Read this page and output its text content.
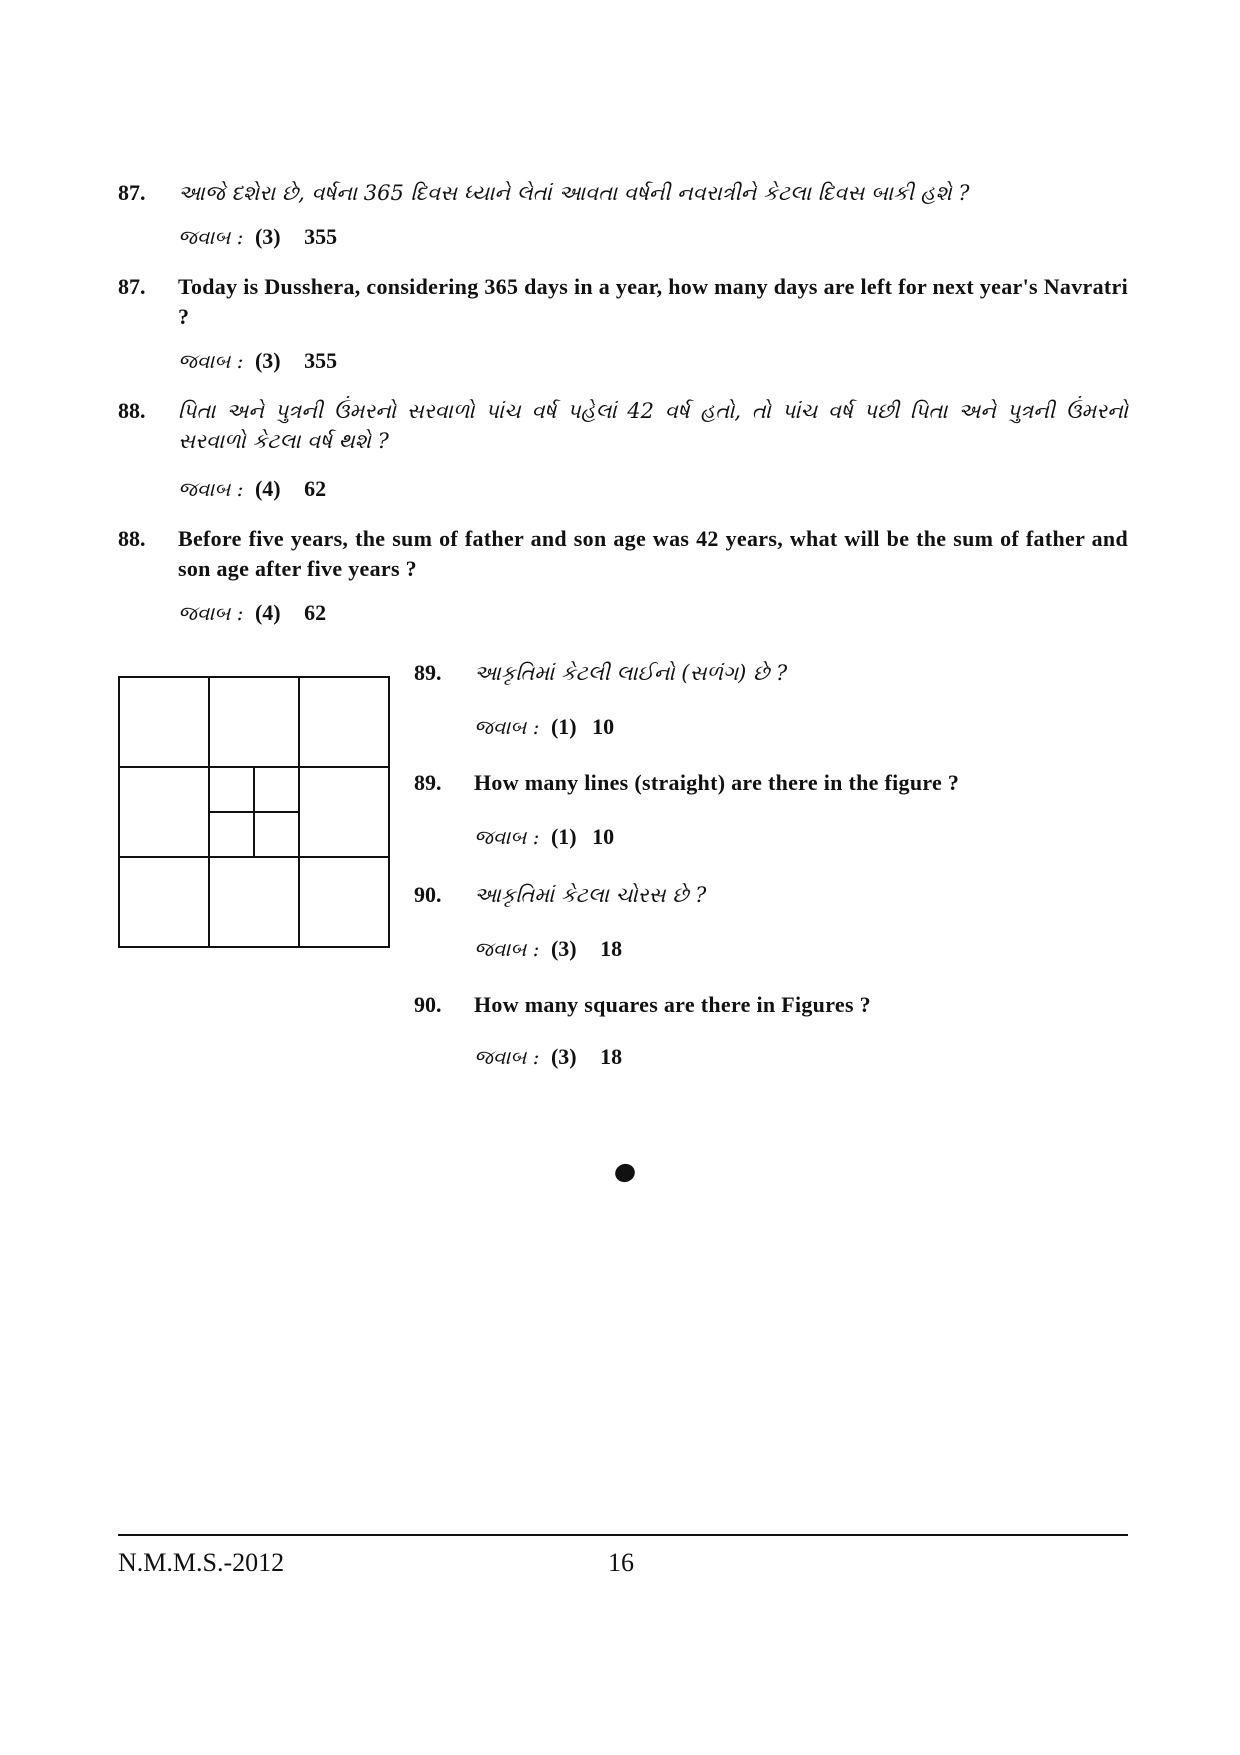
87.	આજે દશેરા છે, વર્ષના 365 દિવસ ધ્યાને લેતાં આવતા વર્ષની નવરાત્રીને કેટલા દિવસ બાકી હશે ?
જવાબ : (3) 355
87.	Today is Dusshera, considering 365 days in a year, how many days are left for next year's Navratri ?
જવાબ : (3) 355
88.	પિતા અને પુત્રની ઉંમરનો સરવાળો પાંચ વર્ષ પહેલાં 42 વર્ષ હતો, તો પાંચ વર્ષ પછી પિતા અને પુત્રની ઉંમરનો સરવાળો કેટલા વર્ષ થશે ?
જવાબ : (4) 62
88.	Before five years, the sum of father and son age was 42 years, what will be the sum of father and son age after five years ?
જવાબ : (4) 62
89.	આકૃતિમાં કેટલી લાઈનો (સળંગ) છે ?
જવાબ : (1) 10
89.	How many lines (straight) are there in the figure ?
જવાબ : (1) 10
90.	આકૃતિમાં કેટલા ચોરસ છે ?
જવાબ : (3) 18
90.	How many squares are there in Figures ?
જવાબ : (3) 18
N.M.M.S.-2012	16
